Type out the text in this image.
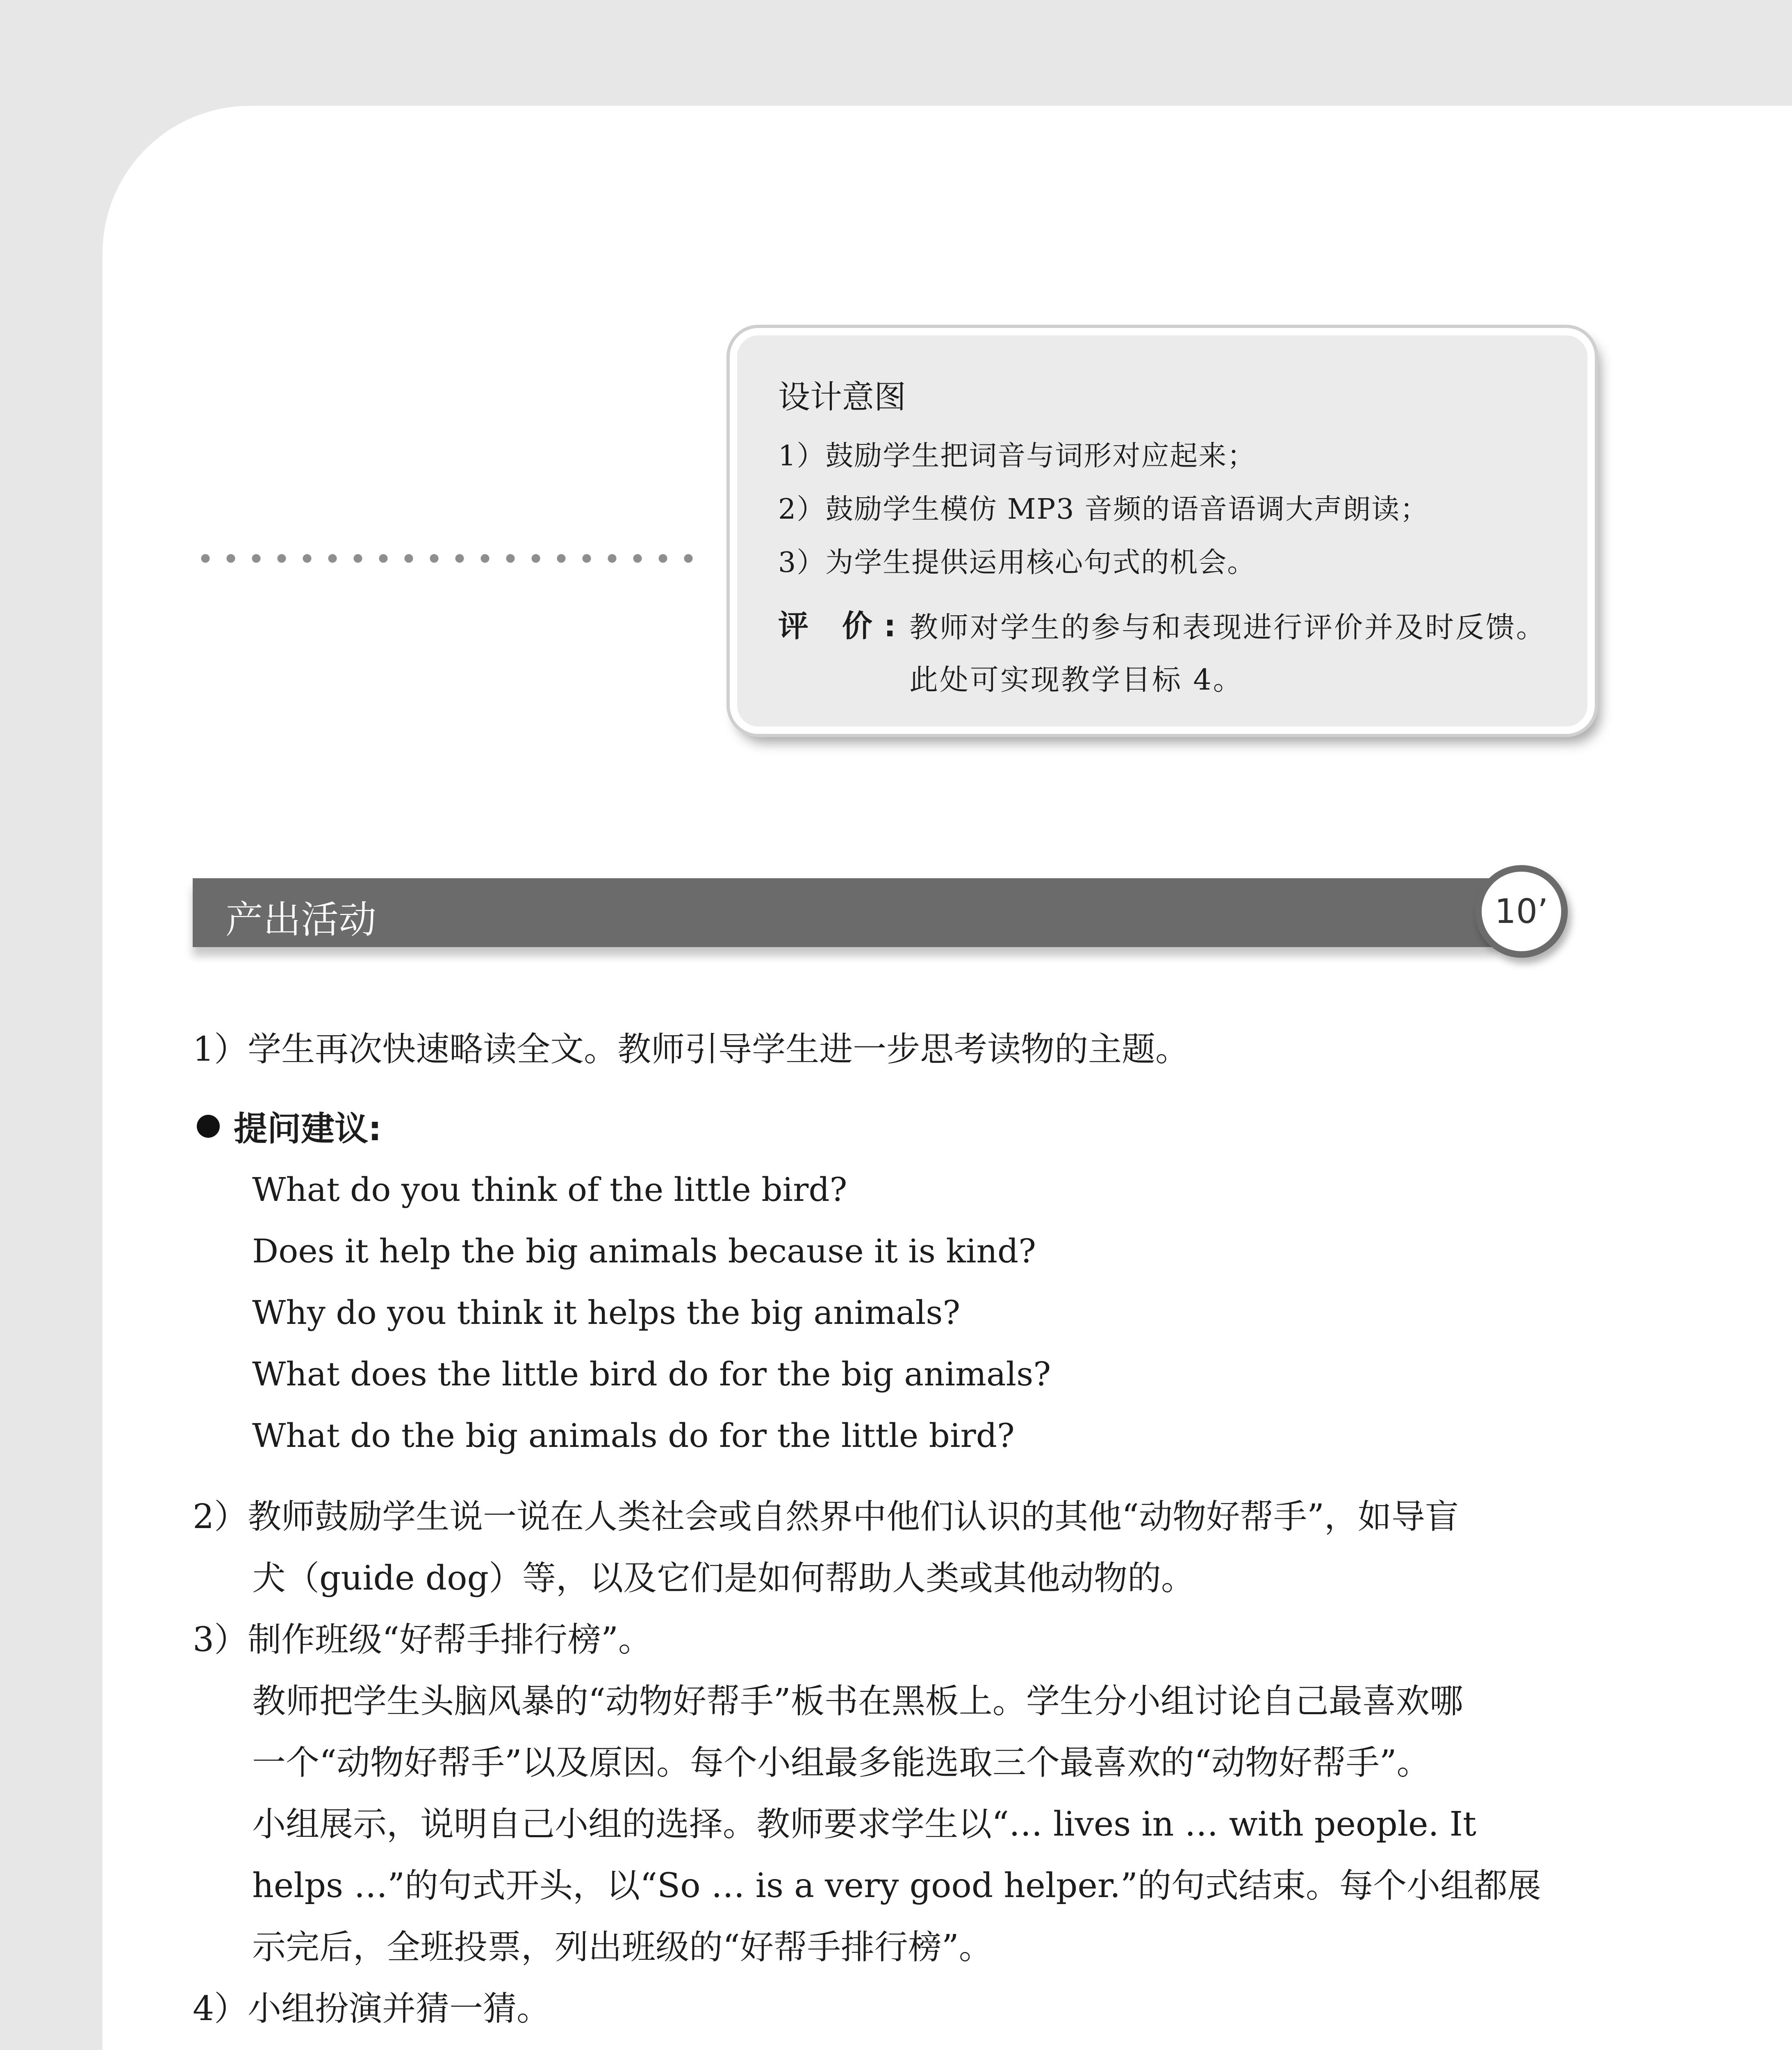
设计意图
1）鼓励学生把词音与词形对应起来；
2）鼓励学生模仿 MP3 音频的语音语调大声朗读；
3）为学生提供运用核心句式的机会。
评 价: 教师对学生的参与和表现进行评价并及时反馈。此处可实现教学目标 4。
产出活动	10’
1）学生再次快速略读全文。教师引导学生进一步思考读物的主题。
提问建议:
What do you think of the little bird?
Does it help the big animals because it is kind?
Why do you think it helps the big animals?
What does the little bird do for the big animals?
What do the big animals do for the little bird?
2）教师鼓励学生说一说在人类社会或自然界中他们认识的其他“动物好帮手”，如导盲
犬（guide dog）等，以及它们是如何帮助人类或其他动物的。
3）制作班级“好帮手排行榜”。
教师把学生头脑风暴的“动物好帮手”板书在黑板上。学生分小组讨论自己最喜欢哪
一个“动物好帮手”以及原因。每个小组最多能选取三个最喜欢的“动物好帮手”。
小组展示，说明自己小组的选择。教师要求学生以“… lives in … with people. It
helps …”的句式开头，以“So … is a very good helper.”的句式结束。每个小组都展
示完后，全班投票，列出班级的“好帮手排行榜”。
4）小组扮演并猜一猜。
